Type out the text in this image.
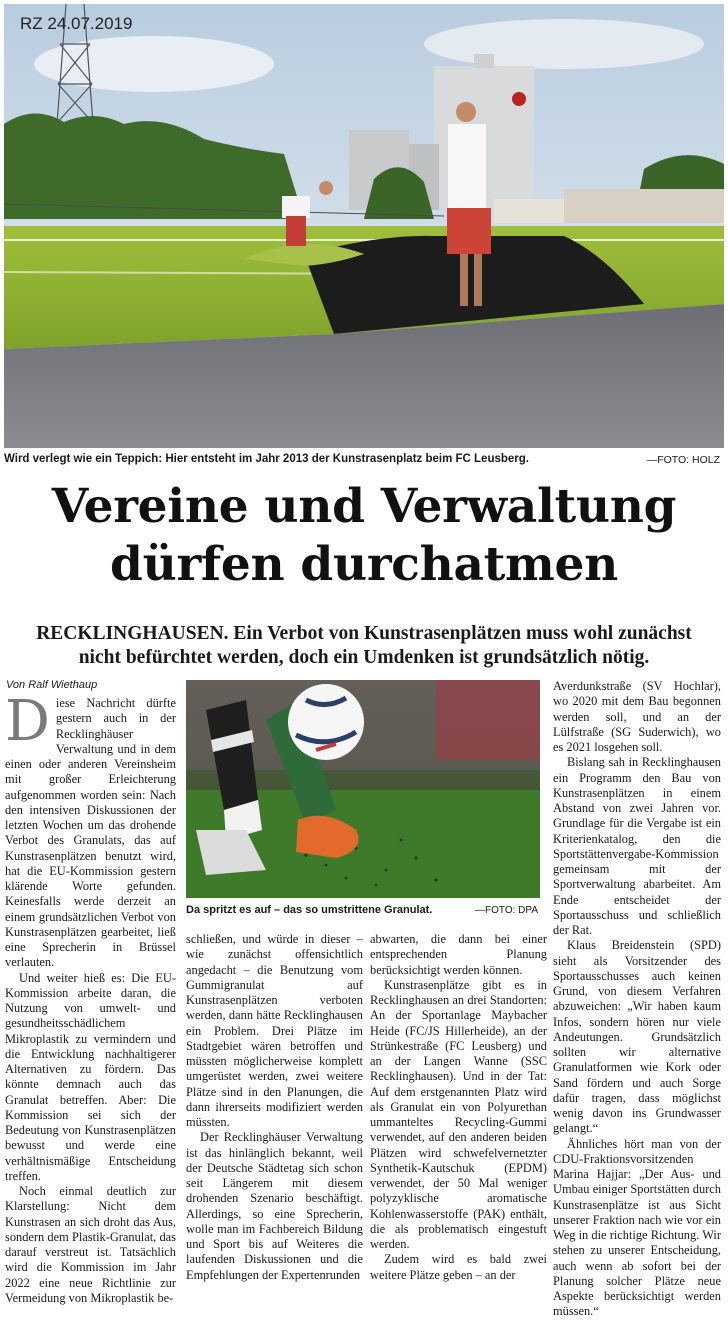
RZ 24.07.2019
Wird verlegt wie ein Teppich: Hier entsteht im Jahr 2013 der Kunstrasenplatz beim FC Leusberg.	—FOTO: HOLZ
Vereine und Verwaltung
dürfen durchatmen
RECKLINGHAUSEN. Ein Verbot von Kunstrasenplätzen muss wohl zunächst
nicht befürchtet werden, doch ein Umdenken ist grundsätzlich nötig.
Von Ralf Wiethaup

Diese Nachricht dürfte gestern auch in der Recklinghäuser Verwaltung und in dem einen oder anderen Vereinsheim mit großer Erleichterung aufgenommen worden sein: Nach den intensiven Diskussionen der letzten Wochen um das drohende Verbot des Granulats, das auf Kunstrasenplätzen benutzt wird, hat die EU-Kommission gestern klärende Worte gefunden. Keinesfalls werde derzeit an einem grundsätzlichen Verbot von Kunstrasenplätzen gearbeitet, ließ eine Sprecherin in Brüssel verlauten.

Und weiter hieß es: Die EU-Kommission arbeite daran, die Nutzung von umwelt- und gesundheitsschädlichem Mikroplastik zu vermindern und die Entwicklung nachhaltigerer Alternativen zu fördern. Das könnte demnach auch das Granulat betreffen. Aber: Die Kommission sei sich der Bedeutung von Kunstrasenplätzen bewusst und werde eine verhältnismäßige Entscheidung treffen.

Noch einmal deutlich zur Klarstellung: Nicht dem Kunstrasen an sich droht das Aus, sondern dem Plastik-Granulat, das darauf verstreut ist. Tatsächlich wird die Kommission im Jahr 2022 eine neue Richtlinie zur Vermeidung von Mikroplastik be-

Da spritzt es auf – das so umstrittene Granulat.	—FOTO: DPA

schließen, und würde in dieser – wie zunächst offensichtlich angedacht – die Benutzung vom Gummigranulat auf Kunstrasenplätzen verboten werden, dann hätte Recklinghausen ein Problem. Drei Plätze im Stadtgebiet wären betroffen und müssten möglicherweise komplett umgerüstet werden, zwei weitere Plätze sind in den Planungen, die dann ihrerseits modifiziert werden müssten.

Der Recklinghäuser Verwaltung ist das hinlänglich bekannt, weil der Deutsche Städtetag sich schon seit Längerem mit diesem drohenden Szenario beschäftigt. Allerdings, so eine Sprecherin, wolle man im Fachbereich Bildung und Sport bis auf Weiteres die laufenden Diskussionen und die Empfehlungen der Expertenrunden

abwarten, die dann bei einer entsprechenden Planung berücksichtigt werden können.

Kunstrasenplätze gibt es in Recklinghausen an drei Standorten: An der Sportanlage Maybacher Heide (FC/JS Hillerheide), an der Strünkestraße (FC Leusberg) und an der Langen Wanne (SSC Recklinghausen). Und in der Tat: Auf dem erstgenannten Platz wird als Granulat ein von Polyurethan ummanteltes Recycling-Gummi verwendet, auf den anderen beiden Plätzen wird schwefelvernetzter Synthetik-Kautschuk (EPDM) verwendet, der 50 Mal weniger polyzyklische aromatische Kohlenwasserstoffe (PAK) enthält, die als problematisch eingestuft werden.

Zudem wird es bald zwei weitere Plätze geben – an der

Averdunkstraße (SV Hochlar), wo 2020 mit dem Bau begonnen werden soll, und an der Lülfstraße (SG Suderwich), wo es 2021 losgehen soll.

Bislang sah in Recklinghausen ein Programm den Bau von Kunstrasenplätzen in einem Abstand von zwei Jahren vor. Grundlage für die Vergabe ist ein Kriterienkatalog, den die Sportstättenvergabe-Kommission gemeinsam mit der Sportverwaltung abarbeitet. Am Ende entscheidet der Sportausschuss und schließlich der Rat.

Klaus Breidenstein (SPD) sieht als Vorsitzender des Sportausschusses auch keinen Grund, von diesem Verfahren abzuweichen: „Wir haben kaum Infos, sondern hören nur viele Andeutungen. Grundsätzlich sollten wir alternative Granulatformen wie Kork oder Sand fördern und auch Sorge dafür tragen, dass möglichst wenig davon ins Grundwasser gelangt.“

Ähnliches hört man von der CDU-Fraktionsvorsitzenden Marina Hajjar: „Der Aus- und Umbau einiger Sportstätten durch Kunstrasenplätze ist aus Sicht unserer Fraktion nach wie vor ein Weg in die richtige Richtung. Wir stehen zu unserer Entscheidung, auch wenn ab sofort bei der Planung solcher Plätze neue Aspekte berücksichtigt werden müssen.“
